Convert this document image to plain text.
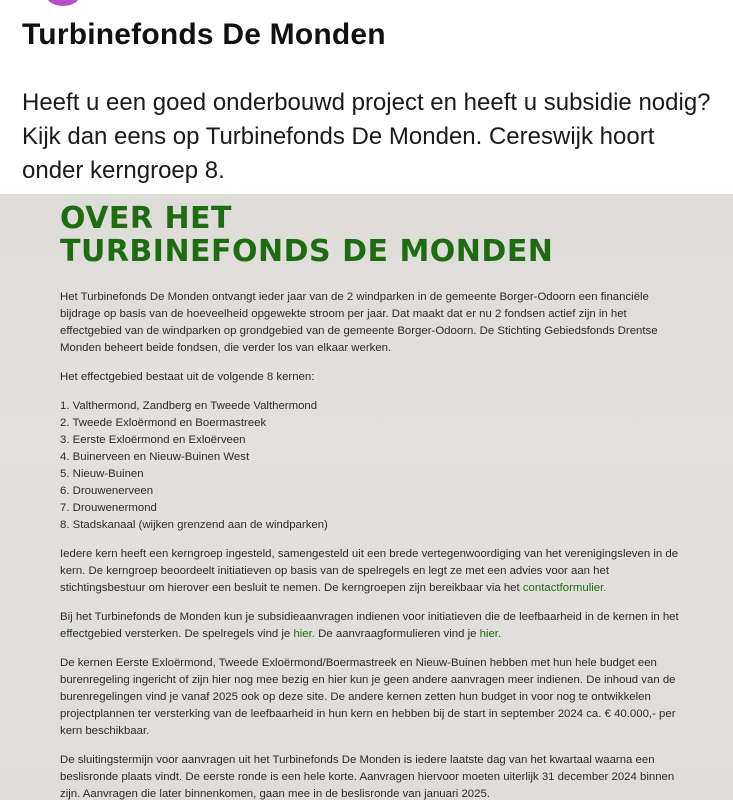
Turbinefonds De Monden
Heeft u een goed onderbouwd project en heeft u subsidie nodig? Kijk dan eens op Turbinefonds De Monden. Cereswijk hoort onder kerngroep 8.
OVER HET
TURBINEFONDS DE MONDEN

Het Turbinefonds De Monden ontvangt ieder jaar van de 2 windparken in de gemeente Borger-Odoorn een financiële bijdrage op basis van de hoeveelheid opgewekte stroom per jaar. Dat maakt dat er nu 2 fondsen actief zijn in het effectgebied van de windparken op grondgebied van de gemeente Borger-Odoorn. De Stichting Gebiedsfonds Drentse Monden beheert beide fondsen, die verder los van elkaar werken.

Het effectgebied bestaat uit de volgende 8 kernen:

1. Valthermond, Zandberg en Tweede Valthermond
2. Tweede Exloërmond en Boermastreek
3. Eerste Exloërmond en Exloërveen
4. Buinerveen en Nieuw-Buinen West
5. Nieuw-Buinen
6. Drouwenerveen
7. Drouwenermond
8. Stadskanaal (wijken grenzend aan de windparken)

Iedere kern heeft een kerngroep ingesteld, samengesteld uit een brede vertegenwoordiging van het verenigingsleven in de kern. De kerngroep beoordeelt initiatieven op basis van de spelregels en legt ze met een advies voor aan het stichtingsbestuur om hierover een besluit te nemen. De kerngroepen zijn bereikbaar via het contactformulier.

Bij het Turbinefonds de Monden kun je subsidieaanvragen indienen voor initiatieven die de leefbaarheid in de kernen in het effectgebied versterken. De spelregels vind je hier. De aanvraagformulieren vind je hier.

De kernen Eerste Exloërmond, Tweede Exloërmond/Boermastreek en Nieuw-Buinen hebben met hun hele budget een burenregeling ingericht of zijn hier nog mee bezig en hier kun je geen andere aanvragen meer indienen. De inhoud van de burenregelingen vind je vanaf 2025 ook op deze site. De andere kernen zetten hun budget in voor nog te ontwikkelen projectplannen ter versterking van de leefbaarheid in hun kern en hebben bij de start in september 2024 ca. € 40.000,- per kern beschikbaar.

De sluitingstermijn voor aanvragen uit het Turbinefonds De Monden is iedere laatste dag van het kwartaal waarna een beslisronde plaats vindt. De eerste ronde is een hele korte. Aanvragen hiervoor moeten uiterlijk 31 december 2024 binnen zijn. Aanvragen die later binnenkomen, gaan mee in de beslisronde van januari 2025.
